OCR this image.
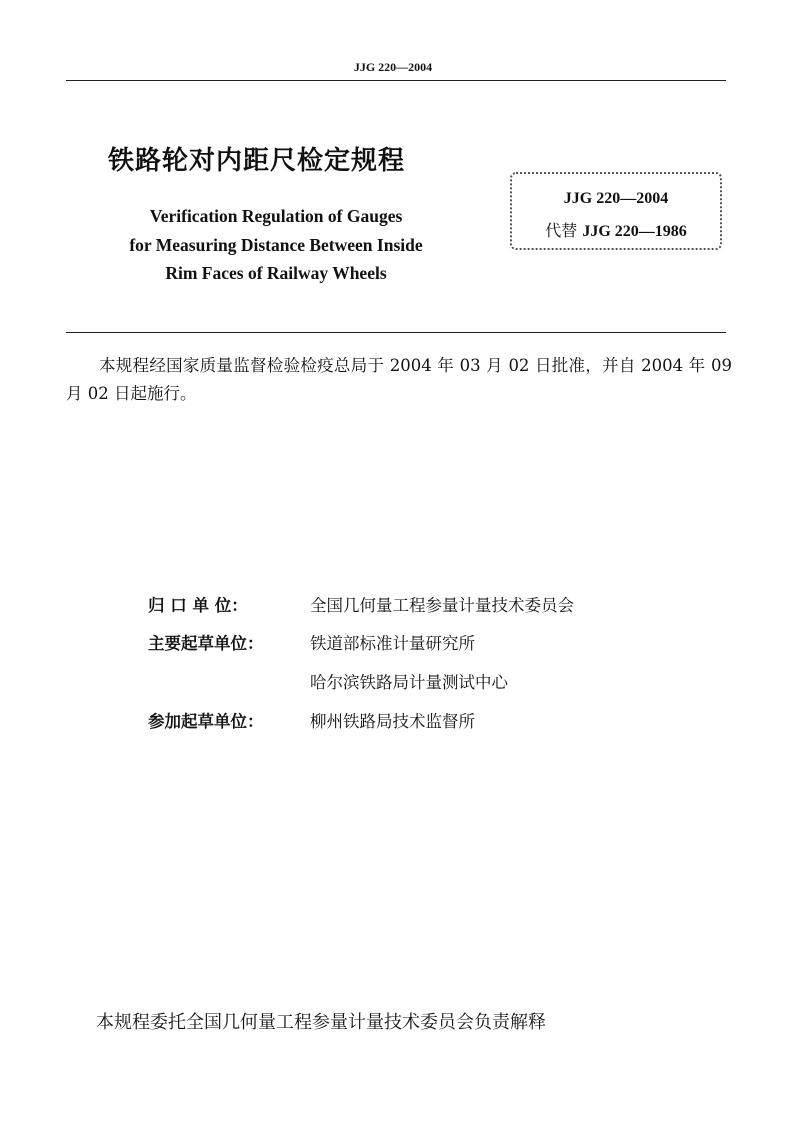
JJG 220—2004
铁路轮对内距尺检定规程
Verification Regulation of Gauges
for Measuring Distance Between Inside
Rim Faces of Railway Wheels
JJG 220—2004
代替 JJG 220—1986
本规程经国家质量监督检验检疫总局于 2004 年 03 月 02 日批准，并自 2004 年 09 月 02 日起施行。
归 口 单 位：	全国几何量工程参量计量技术委员会
主要起草单位：	铁道部标准计量研究所
哈尔滨铁路局计量测试中心
参加起草单位：	柳州铁路局技术监督所
本规程委托全国几何量工程参量计量技术委员会负责解释
